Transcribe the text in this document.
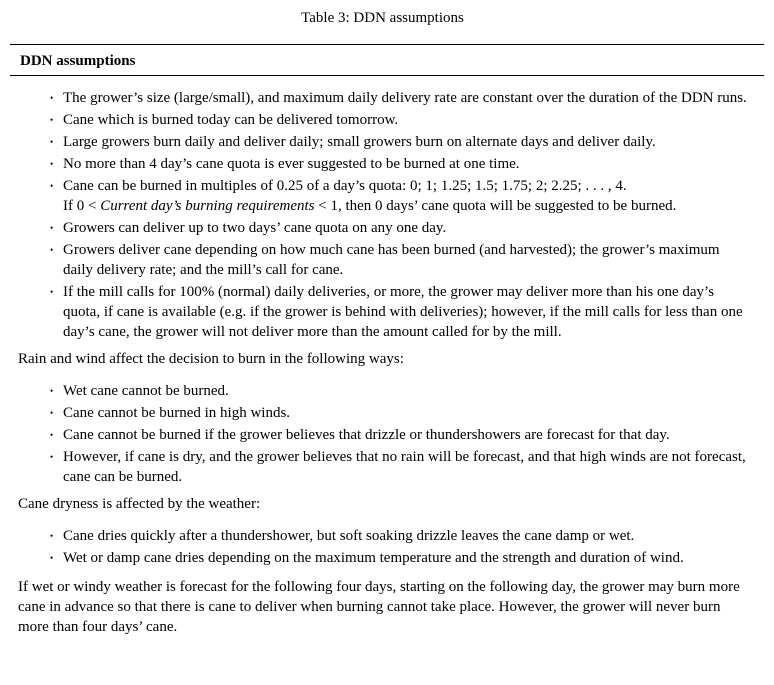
Table 3: DDN assumptions
DDN assumptions
• The grower’s size (large/small), and maximum daily delivery rate are constant over the duration of the DDN runs.
• Cane which is burned today can be delivered tomorrow.
• Large growers burn daily and deliver daily; small growers burn on alternate days and deliver daily.
• No more than 4 day’s cane quota is ever suggested to be burned at one time.
• Cane can be burned in multiples of 0.25 of a day’s quota: 0; 1; 1.25; 1.5; 1.75; 2; 2.25; . . . , 4.
If 0 < Current day’s burning requirements < 1, then 0 days’ cane quota will be suggested to be burned.
• Growers can deliver up to two days’ cane quota on any one day.
• Growers deliver cane depending on how much cane has been burned (and harvested); the grower’s maximum daily delivery rate; and the mill’s call for cane.
• If the mill calls for 100% (normal) daily deliveries, or more, the grower may deliver more than his one day’s quota, if cane is available (e.g. if the grower is behind with deliveries); however, if the mill calls for less than one day’s cane, the grower will not deliver more than the amount called for by the mill.

Rain and wind affect the decision to burn in the following ways:

• Wet cane cannot be burned.
• Cane cannot be burned in high winds.
• Cane cannot be burned if the grower believes that drizzle or thundershowers are forecast for that day.
• However, if cane is dry, and the grower believes that no rain will be forecast, and that high winds are not forecast, cane can be burned.

Cane dryness is affected by the weather:

• Cane dries quickly after a thundershower, but soft soaking drizzle leaves the cane damp or wet.
• Wet or damp cane dries depending on the maximum temperature and the strength and duration of wind.

If wet or windy weather is forecast for the following four days, starting on the following day, the grower may burn more cane in advance so that there is cane to deliver when burning cannot take place. However, the grower will never burn more than four days’ cane.
